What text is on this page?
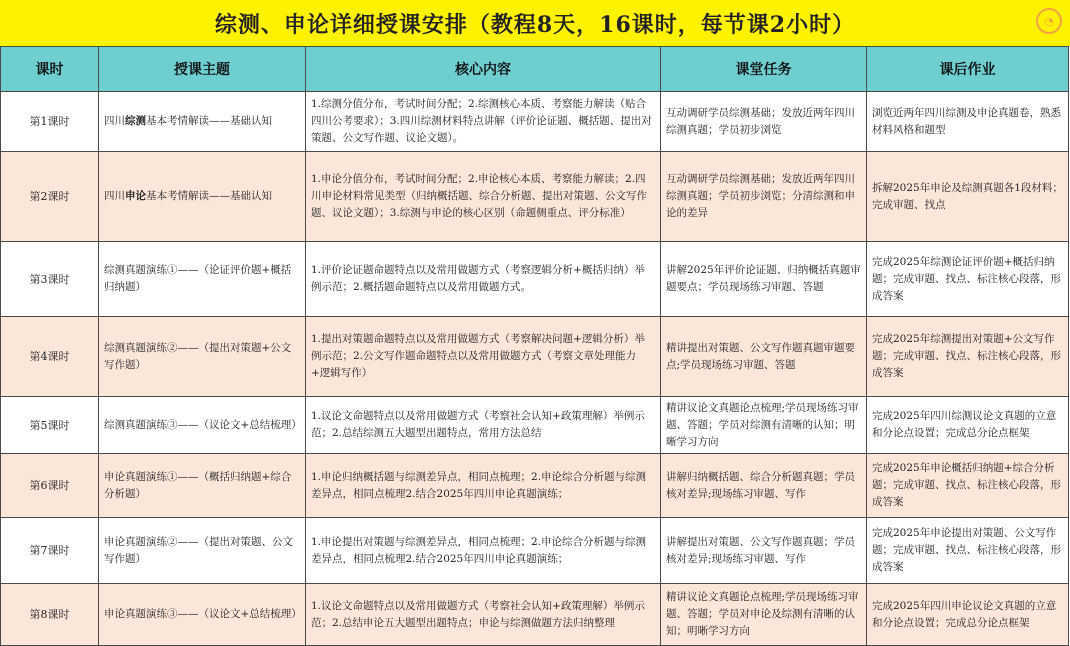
综测、申论详细授课安排（教程8天，16课时，每节课2小时）	◔
课时	授课主题	核心内容	课堂任务	课后作业
第1课时	四川综测基本考情解读——基础认知	1.综测分值分布，考试时间分配；2.综测核心本质、考察能力解读（贴合四川公考要求）；3.四川综测材料特点讲解（评价论证题、概括题、提出对策题、公文写作题、议论文题）。	互动调研学员综测基础；发放近两年四川综测真题；学员初步浏览	浏览近两年四川综测及申论真题卷，熟悉材料风格和题型
第2课时	四川申论基本考情解读——基础认知	1.申论分值分布，考试时间分配；2.申论核心本质、考察能力解读；2.四川申论材料常见类型（归纳概括题、综合分析题、提出对策题、公文写作题、议论文题）；3.综测与申论的核心区别（命题侧重点、评分标准）	互动调研学员综测基础；发放近两年四川综测真题；学员初步浏览；分清综测和申论的差异	拆解2025年申论及综测真题各1段材料；完成审题、找点
第3课时	综测真题演练①——（论证评价题+概括归纳题）	1.评价论证题命题特点以及常用做题方式（考察逻辑分析+概括归纳）举例示范；2.概括题命题特点以及常用做题方式。	讲解2025年评价论证题、归纳概括真题审题要点；学员现场练习审题、答题	完成2025年综测论证评价题+概括归纳题；完成审题、找点、标注核心段落，形成答案
第4课时	综测真题演练②——（提出对策题+公文写作题）	1.提出对策题命题特点以及常用做题方式（考察解决问题+逻辑分析）举例示范；2.公文写作题命题特点以及常用做题方式（考察文章处理能力+逻辑写作）	精讲提出对策题、公文写作题真题审题要点;学员现场练习审题、答题	完成2025年综测提出对策题+公文写作题；完成审题、找点、标注核心段落，形成答案
第5课时	综测真题演练③——（议论文+总结梳理）	1.议论文命题特点以及常用做题方式（考察社会认知+政策理解）举例示范；2.总结综测五大题型出题特点，常用方法总结	精讲议论文真题论点梳理;学员现场练习审题、答题；学员对综测有清晰的认知；明晰学习方向	完成2025年四川综测议论文真题的立意和分论点设置；完成总分论点框架
第6课时	申论真题演练①——（概括归纳题+综合分析题）	1.申论归纳概括题与综测差异点，相同点梳理；2.申论综合分析题与综测差异点，相同点梳理2.结合2025年四川申论真题演练；	讲解归纳概括题、综合分析题真题；学员核对差异;现场练习审题、写作	完成2025年申论概括归纳题+综合分析题；完成审题、找点、标注核心段落，形成答案
第7课时	申论真题演练②——（提出对策题、公文写作题）	1.申论提出对策题与综测差异点，相同点梳理；2.申论综合分析题与综测差异点，相同点梳理2.结合2025年四川申论真题演练；	讲解提出对策题、公文写作题真题；学员核对差异;现场练习审题、写作	完成2025年申论提出对策题、公文写作题；完成审题、找点、标注核心段落，形成答案
第8课时	申论真题演练③——（议论文+总结梳理）	1.议论文命题特点以及常用做题方式（考察社会认知+政策理解）举例示范；2.总结申论五大题型出题特点；申论与综测做题方法归纳整理	精讲议论文真题论点梳理;学员现场练习审题、答题；学员对申论及综测有清晰的认知；明晰学习方向	完成2025年四川申论议论文真题的立意和分论点设置；完成总分论点框架
